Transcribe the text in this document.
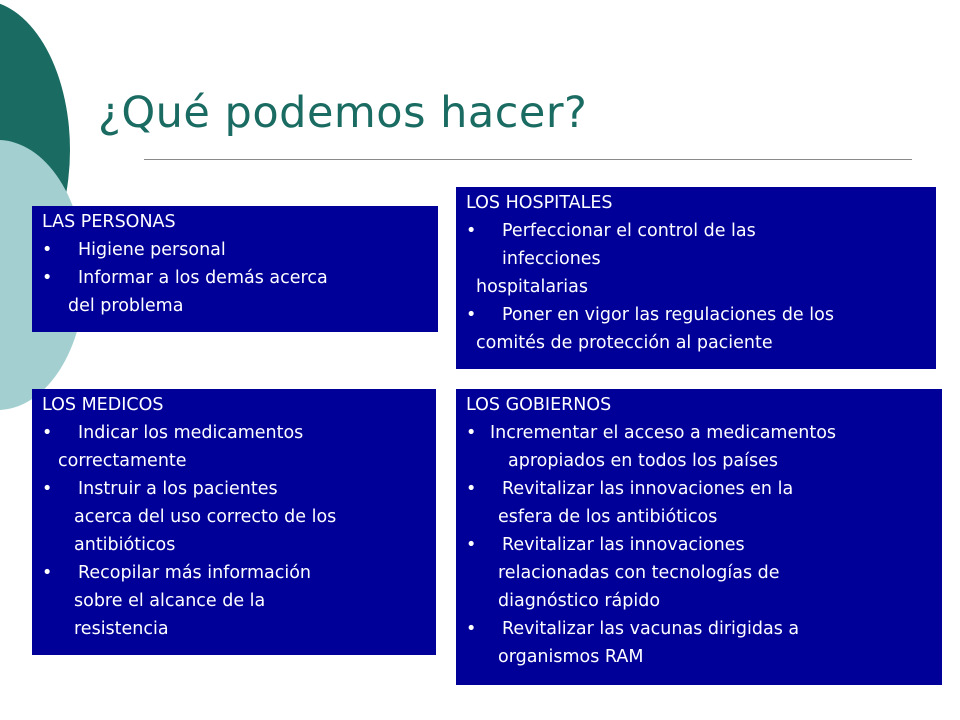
¿Qué podemos hacer?
LAS PERSONAS
• Higiene personal
• Informar a los demás acerca
del problema
LOS HOSPITALES
• Perfeccionar el control de las
infecciones
hospitalarias
• Poner en vigor las regulaciones de los
comités de protección al paciente
LOS MEDICOS
• Indicar los medicamentos
correctamente
• Instruir a los pacientes
acerca del uso correcto de los
antibióticos
• Recopilar más información
sobre el alcance de la
resistencia
LOS GOBIERNOS
• Incrementar el acceso a medicamentos
apropiados en todos los países
• Revitalizar las innovaciones en la
esfera de los antibióticos
• Revitalizar las innovaciones
relacionadas con tecnologías de
diagnóstico rápido
• Revitalizar las vacunas dirigidas a
organismos RAM
